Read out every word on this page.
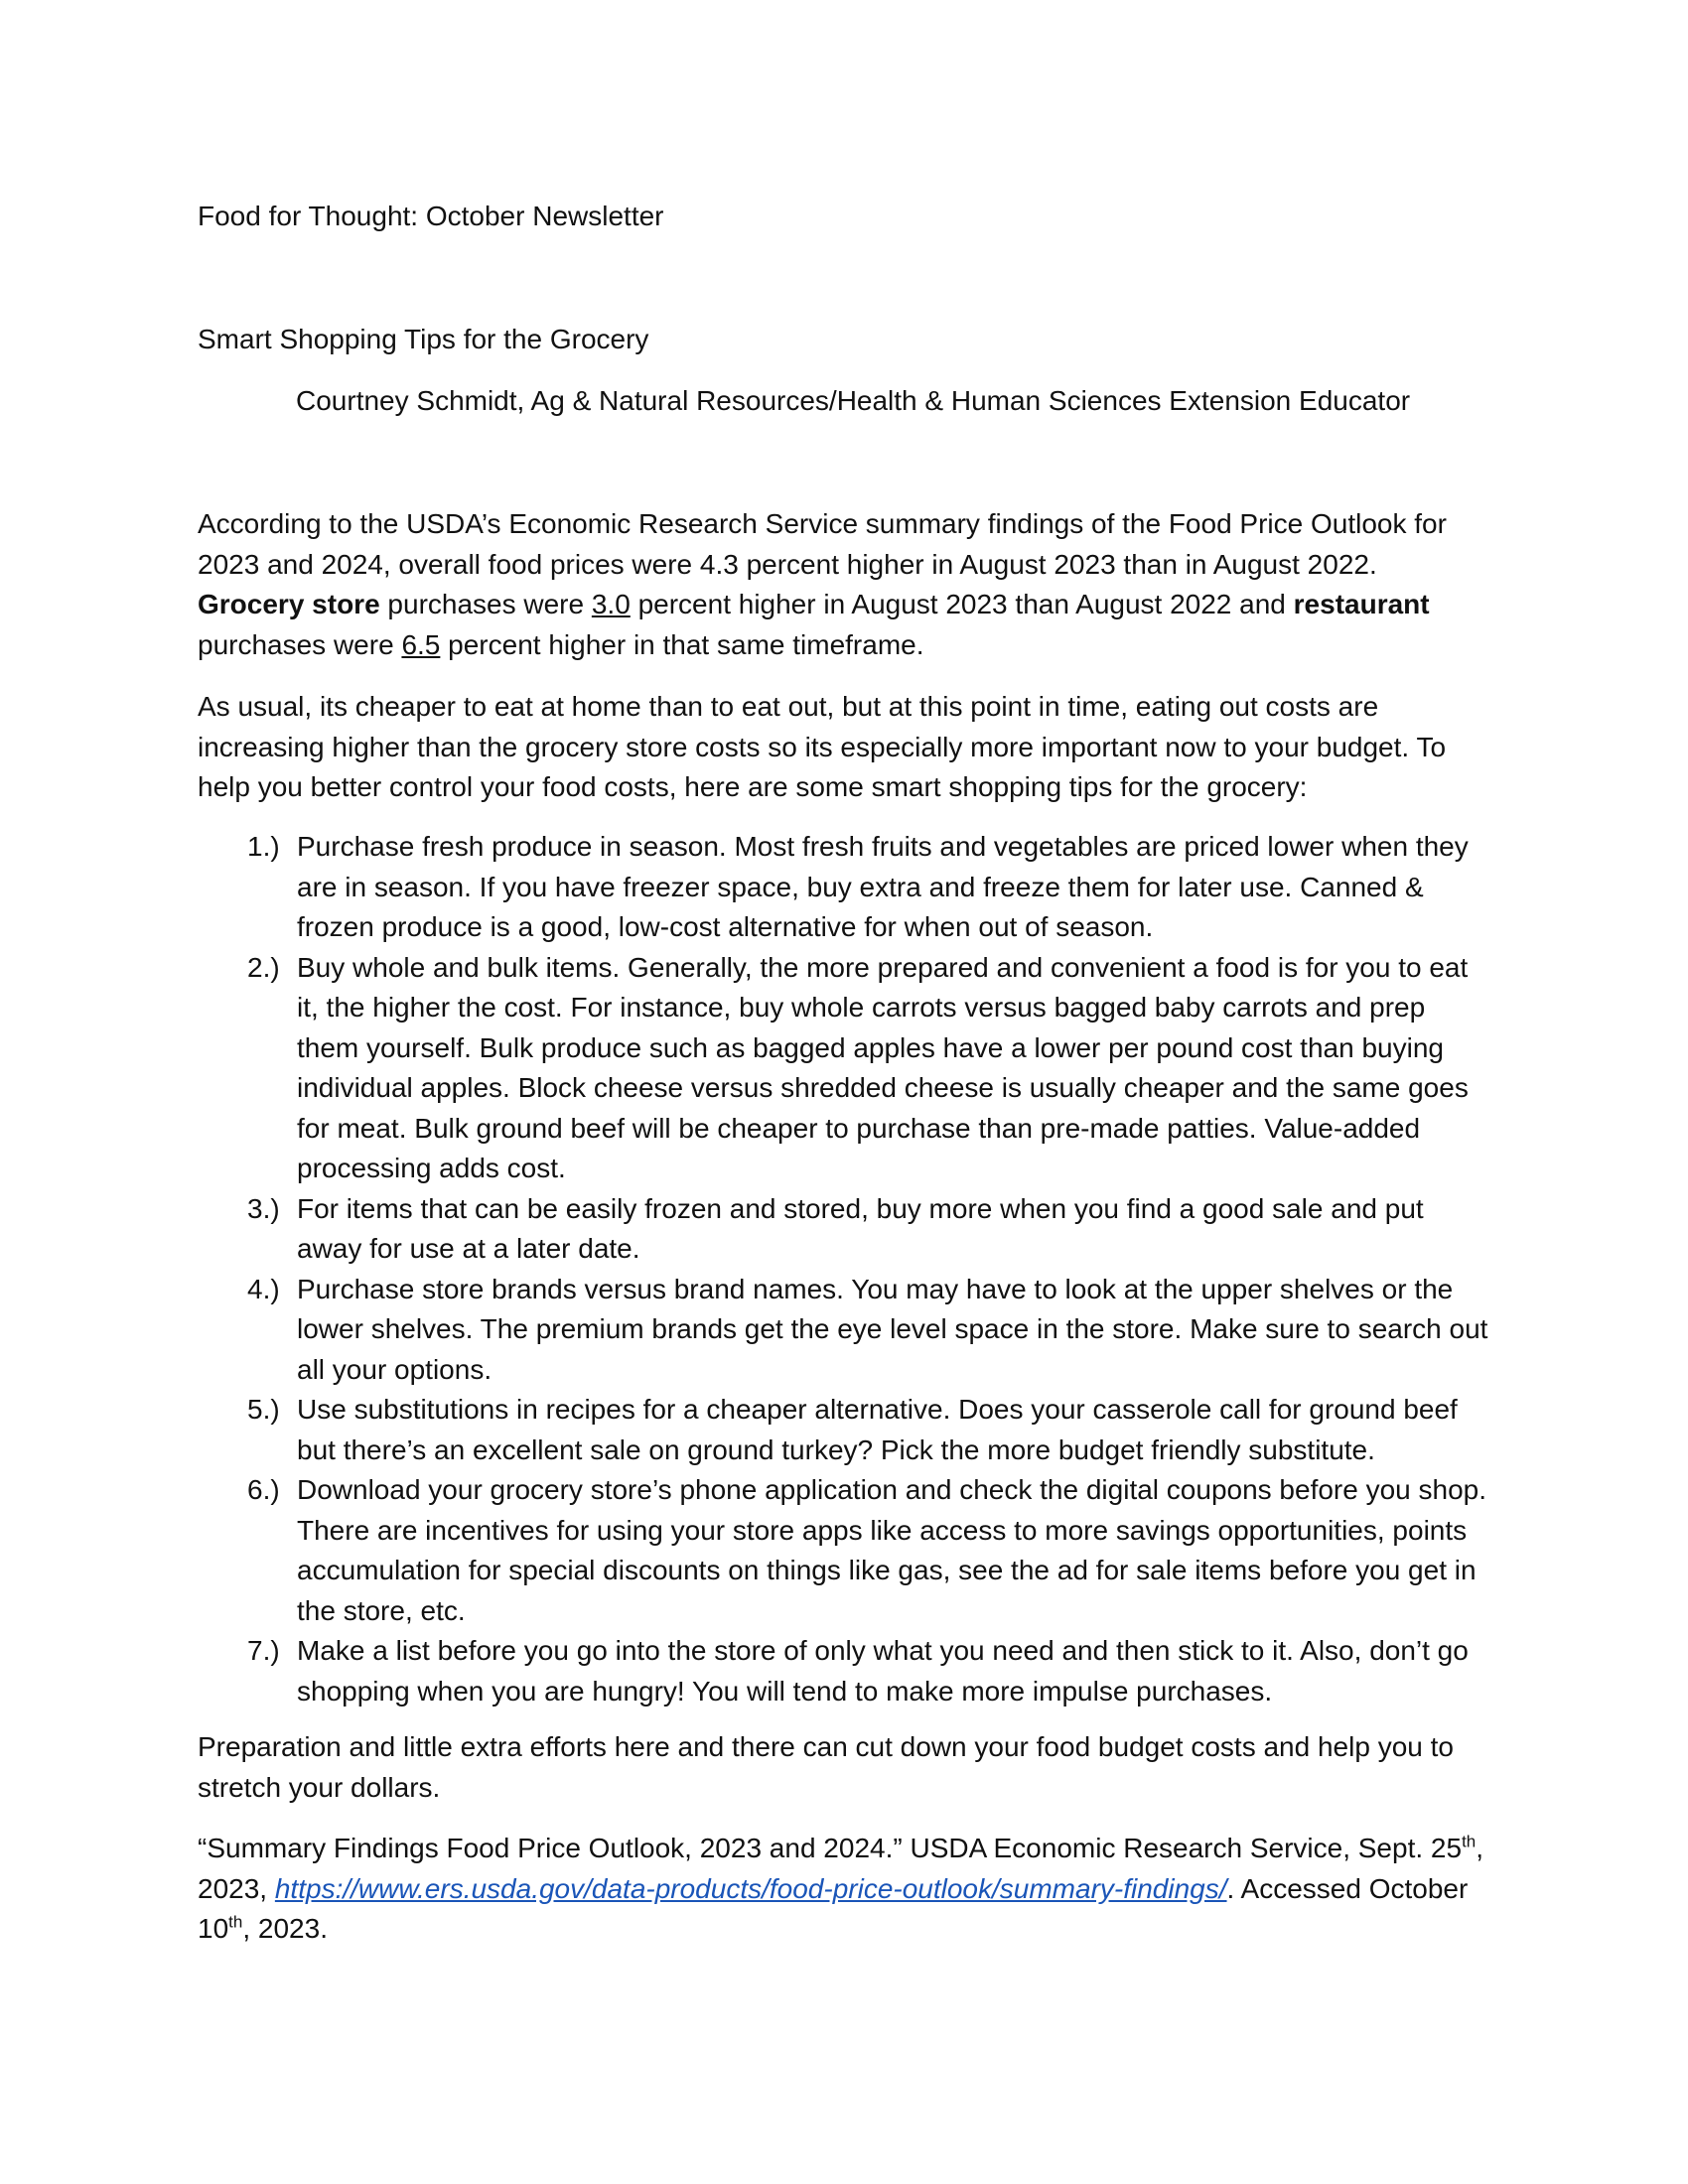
Food for Thought: October Newsletter
Smart Shopping Tips for the Grocery
Courtney Schmidt, Ag & Natural Resources/Health & Human Sciences Extension Educator

According to the USDA’s Economic Research Service summary findings of the Food Price Outlook for 2023 and 2024, overall food prices were 4.3 percent higher in August 2023 than in August 2022. Grocery store purchases were 3.0 percent higher in August 2023 than August 2022 and restaurant purchases were 6.5 percent higher in that same timeframe.

As usual, its cheaper to eat at home than to eat out, but at this point in time, eating out costs are increasing higher than the grocery store costs so its especially more important now to your budget. To help you better control your food costs, here are some smart shopping tips for the grocery:

1.) Purchase fresh produce in season. Most fresh fruits and vegetables are priced lower when they are in season. If you have freezer space, buy extra and freeze them for later use. Canned & frozen produce is a good, low-cost alternative for when out of season.
2.) Buy whole and bulk items. Generally, the more prepared and convenient a food is for you to eat it, the higher the cost. For instance, buy whole carrots versus bagged baby carrots and prep them yourself. Bulk produce such as bagged apples have a lower per pound cost than buying individual apples. Block cheese versus shredded cheese is usually cheaper and the same goes for meat. Bulk ground beef will be cheaper to purchase than pre-made patties. Value-added processing adds cost.
3.) For items that can be easily frozen and stored, buy more when you find a good sale and put away for use at a later date.
4.) Purchase store brands versus brand names. You may have to look at the upper shelves or the lower shelves. The premium brands get the eye level space in the store. Make sure to search out all your options.
5.) Use substitutions in recipes for a cheaper alternative. Does your casserole call for ground beef but there’s an excellent sale on ground turkey? Pick the more budget friendly substitute.
6.) Download your grocery store’s phone application and check the digital coupons before you shop. There are incentives for using your store apps like access to more savings opportunities, points accumulation for special discounts on things like gas, see the ad for sale items before you get in the store, etc.
7.) Make a list before you go into the store of only what you need and then stick to it. Also, don’t go shopping when you are hungry! You will tend to make more impulse purchases.

Preparation and little extra efforts here and there can cut down your food budget costs and help you to stretch your dollars.

“Summary Findings Food Price Outlook, 2023 and 2024.” USDA Economic Research Service, Sept. 25th, 2023, https://www.ers.usda.gov/data-products/food-price-outlook/summary-findings/. Accessed October 10th, 2023.
